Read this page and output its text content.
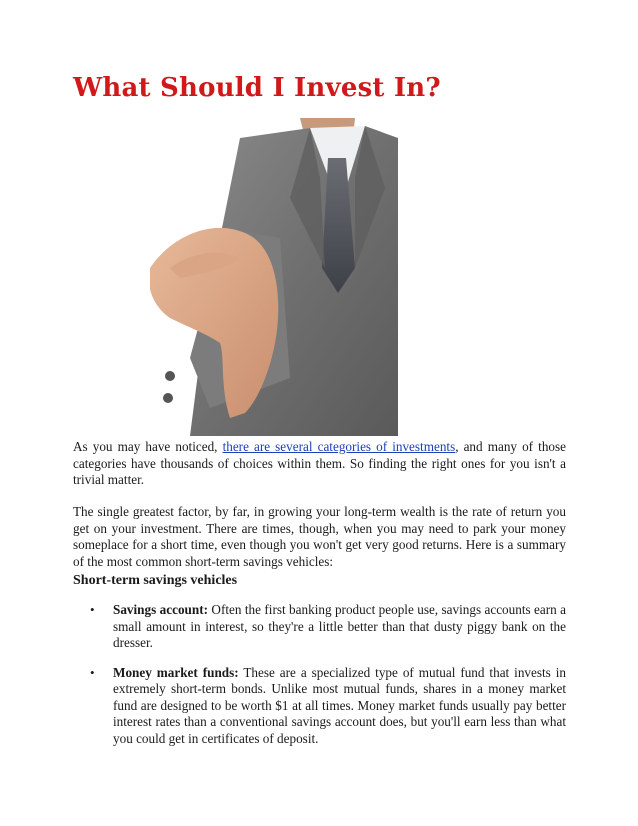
What Should I Invest In?

As you may have noticed, there are several categories of investments, and many of those categories have thousands of choices within them. So finding the right ones for you isn't a trivial matter.

The single greatest factor, by far, in growing your long-term wealth is the rate of return you get on your investment. There are times, though, when you may need to park your money someplace for a short time, even though you won't get very good returns. Here is a summary of the most common short-term savings vehicles:

Short-term savings vehicles
• Savings account: Often the first banking product people use, savings accounts earn a small amount in interest, so they're a little better than that dusty piggy bank on the dresser.
• Money market funds: These are a specialized type of mutual fund that invests in extremely short-term bonds. Unlike most mutual funds, shares in a money market fund are designed to be worth $1 at all times. Money market funds usually pay better interest rates than a conventional savings account does, but you'll earn less than what you could get in certificates of deposit.
